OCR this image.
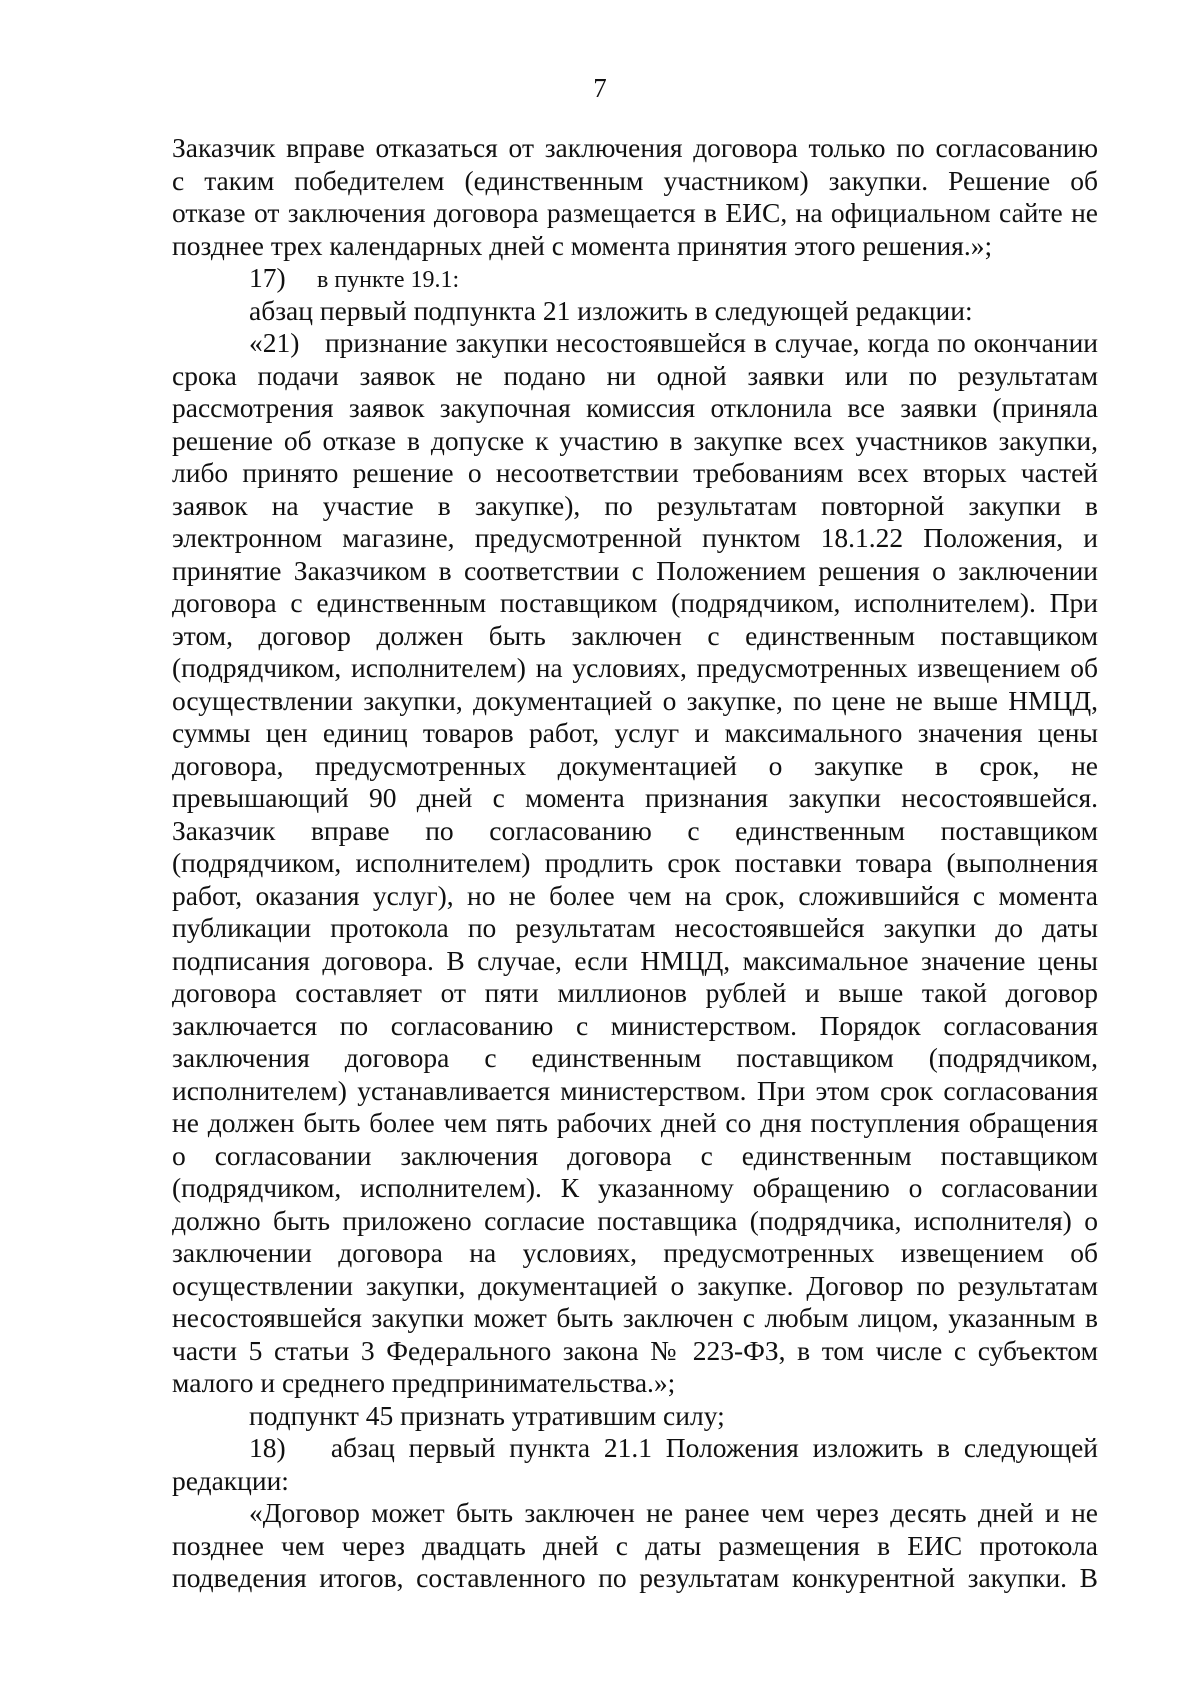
7
Заказчик вправе отказаться от заключения договора только по согласованию
с таким победителем (единственным участником) закупки. Решение об
отказе от заключения договора размещается в ЕИС, на официальном сайте не
позднее трех календарных дней с момента принятия этого решения.»;
17) в пункте 19.1:
абзац первый подпункта 21 изложить в следующей редакции:
«21) признание закупки несостоявшейся в случае, когда по окончании
срока подачи заявок не подано ни одной заявки или по результатам
рассмотрения заявок закупочная комиссия отклонила все заявки (приняла
решение об отказе в допуске к участию в закупке всех участников закупки,
либо принято решение о несоответствии требованиям всех вторых частей
заявок на участие в закупке), по результатам повторной закупки в
электронном магазине, предусмотренной пунктом 18.1.22 Положения, и
принятие Заказчиком в соответствии с Положением решения о заключении
договора с единственным поставщиком (подрядчиком, исполнителем). При
этом, договор должен быть заключен с единственным поставщиком
(подрядчиком, исполнителем) на условиях, предусмотренных извещением об
осуществлении закупки, документацией о закупке, по цене не выше НМЦД,
суммы цен единиц товаров работ, услуг и максимального значения цены
договора, предусмотренных документацией о закупке в срок, не
превышающий 90 дней с момента признания закупки несостоявшейся.
Заказчик вправе по согласованию с единственным поставщиком
(подрядчиком, исполнителем) продлить срок поставки товара (выполнения
работ, оказания услуг), но не более чем на срок, сложившийся с момента
публикации протокола по результатам несостоявшейся закупки до даты
подписания договора. В случае, если НМЦД, максимальное значение цены
договора составляет от пяти миллионов рублей и выше такой договор
заключается по согласованию с министерством. Порядок согласования
заключения договора с единственным поставщиком (подрядчиком,
исполнителем) устанавливается министерством. При этом срок согласования
не должен быть более чем пять рабочих дней со дня поступления обращения
о согласовании заключения договора с единственным поставщиком
(подрядчиком, исполнителем). К указанному обращению о согласовании
должно быть приложено согласие поставщика (подрядчика, исполнителя) о
заключении договора на условиях, предусмотренных извещением об
осуществлении закупки, документацией о закупке. Договор по результатам
несостоявшейся закупки может быть заключен с любым лицом, указанным в
части 5 статьи 3 Федерального закона № 223-ФЗ, в том числе с субъектом
малого и среднего предпринимательства.»;
подпункт 45 признать утратившим силу;
18) абзац первый пункта 21.1 Положения изложить в следующей
редакции:
«Договор может быть заключен не ранее чем через десять дней и не
позднее чем через двадцать дней с даты размещения в ЕИС протокола
подведения итогов, составленного по результатам конкурентной закупки. В
